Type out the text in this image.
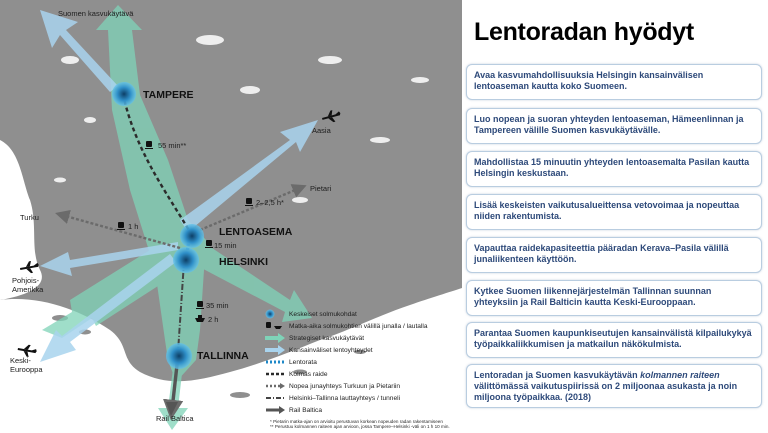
Suomen kasvukäytävä
TAMPERE
Aasia
55 min**
Pietari
2–2,5 h*
Turku
1 h	LENTOASEMA
15 min
HELSINKI
Pohjois-
Amerikka
35 min
2 h
Keski-
Eurooppa
TALLINNA
Rail Baltica
Keskeiset solmukohdat
Matka-aika solmukohtien välillä junalla / lautalla
Strategiset kasvukäytävät
Kansainväliset lentoyhteydet
Lentorata
Kolmas raide
Nopea junayhteys Turkuun ja Pietariin
Helsinki–Tallinna lauttayhteys / tunneli
Rail Baltica
* Pietarin matka-ajan on arvioitu perustuvan korkean nopeuden radan rakentamiseen
** Perustuu kolmannen raiteen ajan arvioon, jossa Tampere–Helsinki -väli on 1 h 10 min.
Lentoradan hyödyt
Avaa kasvumahdollisuuksia Helsingin kansainvälisen lentoaseman kautta koko Suomeen.
Luo nopean ja suoran yhteyden lentoaseman, Hämeenlinnan ja Tampereen välille Suomen kasvukäytävälle.
Mahdollistaa 15 minuutin yhteyden lentoasemalta Pasilan kautta Helsingin keskustaan.
Lisää keskeisten vaikutusalueittensa vetovoimaa ja nopeuttaa niiden rakentumista.
Vapauttaa raidekapasiteettia pääradan Kerava–Pasila välillä junaliikenteen käyttöön.
Kytkee Suomen liikennejärjestelmän Tallinnan suunnan yhteyksiin ja Rail Balticin kautta Keski-Eurooppaan.
Parantaa Suomen kaupunkiseutujen kansainvälistä kilpailukykyä työpaikkaliikkumisen ja matkailun näkökulmista.
Lentoradan ja Suomen kasvukäytävän kolmannen raiteen välittömässä vaikutuspiirissä on 2 miljoonaa asukasta ja noin miljoona työpaikkaa. (2018)
